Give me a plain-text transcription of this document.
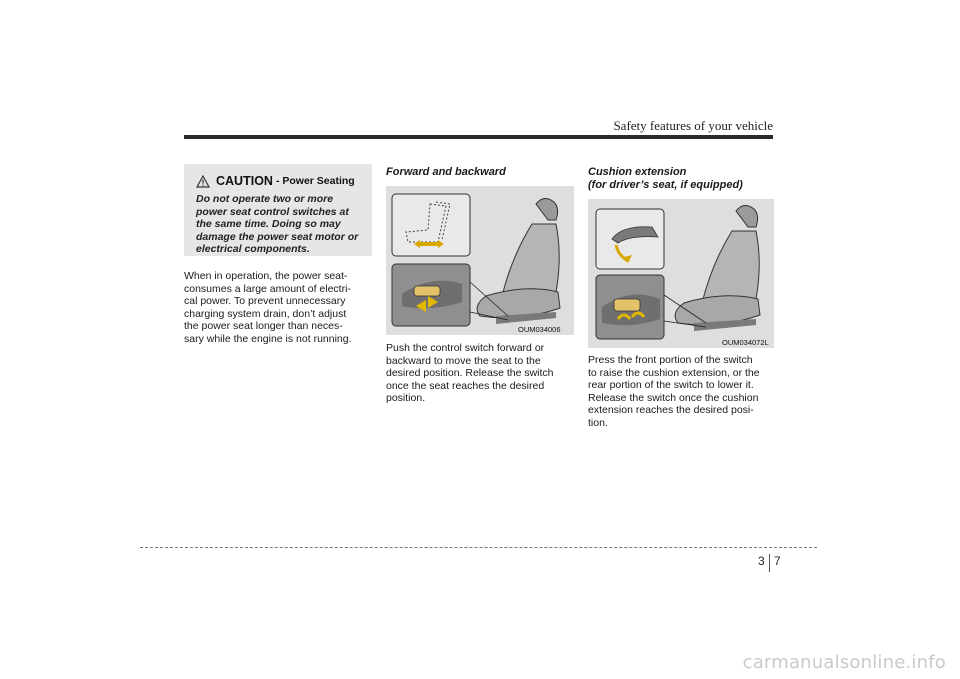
Safety features of your vehicle
CAUTION - Power Seating
Do not operate two or more
power seat control switches at
the same time. Doing so may
damage the power seat motor or
electrical components.
When in operation, the power seat-
consumes a large amount of electri-
cal power. To prevent unnecessary
charging system drain, don’t adjust
the power seat longer than neces-
sary while the engine is not running.
Forward and backward
OUM034006
Push the control switch forward or
backward to move the seat to the
desired position. Release the switch
once the seat reaches the desired
position.
Cushion extension
(for driver’s seat, if equipped)
OUM034072L
Press the front portion of the switch
to raise the cushion extension, or the
rear portion of the switch to lower it.
Release the switch once the cushion
extension reaches the desired posi-
tion.
3 7
carmanualsonline.info
